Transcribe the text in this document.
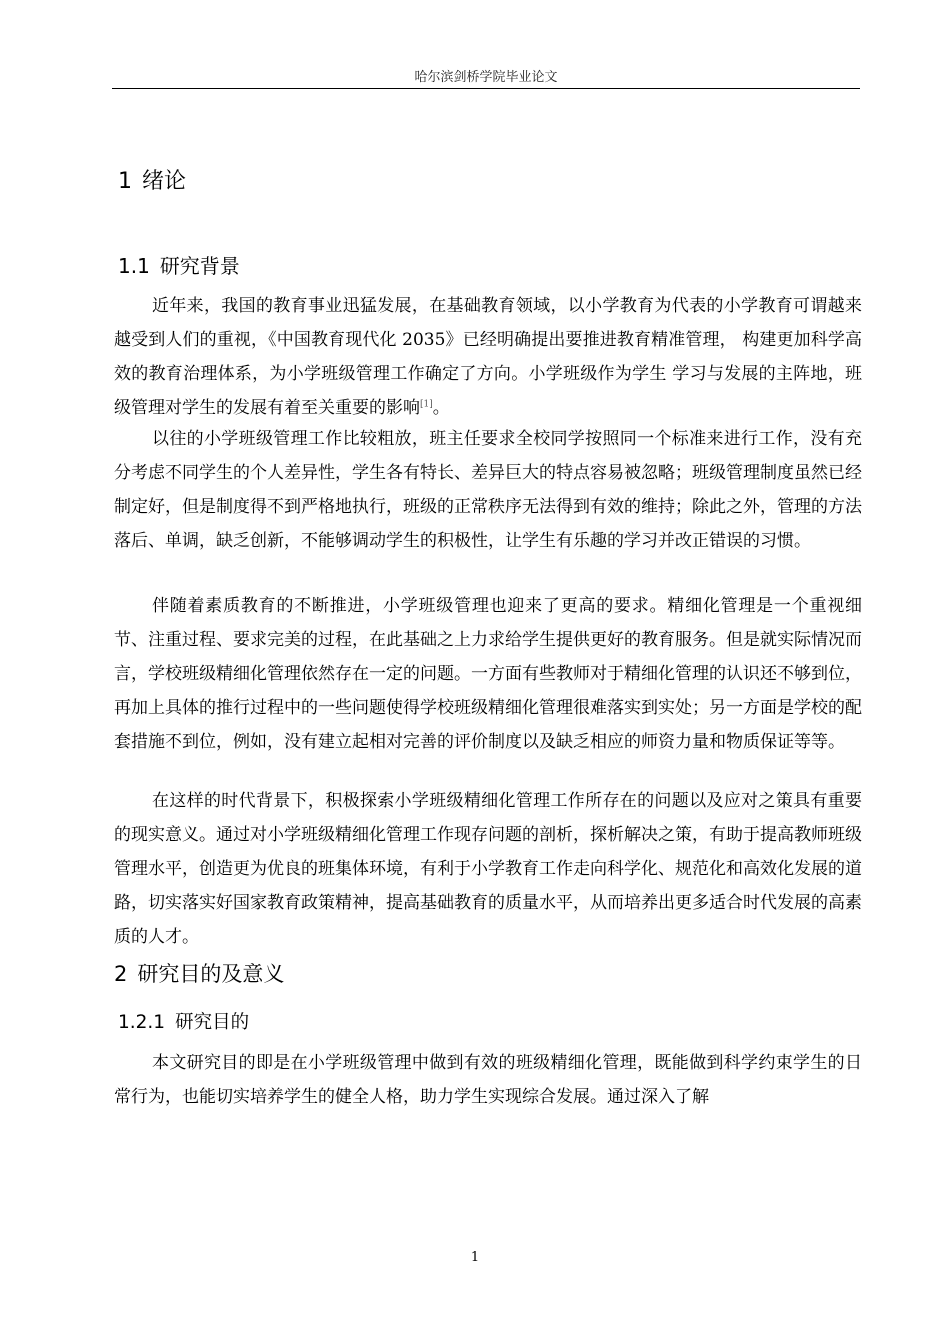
哈尔滨剑桥学院毕业论文
1 绪论
1.1 研究背景

近年来，我国的教育事业迅猛发展，在基础教育领域，以小学教育为代表的小学教育可谓越来越受到人们的重视，《中国教育现代化 2035》已经明确提出要推进教育精准管理， 构建更加科学高效的教育治理体系，为小学班级管理工作确定了方向。小学班级作为学生 学习与发展的主阵地，班级管理对学生的发展有着至关重要的影响[1]。

以往的小学班级管理工作比较粗放，班主任要求全校同学按照同一个标准来进行工作，没有充分考虑不同学生的个人差异性，学生各有特长、差异巨大的特点容易被忽略；班级管理制度虽然已经制定好，但是制度得不到严格地执行，班级的正常秩序无法得到有效的维持；除此之外，管理的方法落后、单调，缺乏创新，不能够调动学生的积极性，让学生有乐趣的学习并改正错误的习惯。

伴随着素质教育的不断推进，小学班级管理也迎来了更高的要求。精细化管理是一个重视细节、注重过程、要求完美的过程，在此基础之上力求给学生提供更好的教育服务。但是就实际情况而言，学校班级精细化管理依然存在一定的问题。一方面有些教师对于精细化管理的认识还不够到位，再加上具体的推行过程中的一些问题使得学校班级精细化管理很难落实到实处；另一方面是学校的配套措施不到位，例如，没有建立起相对完善的评价制度以及缺乏相应的师资力量和物质保证等等。

在这样的时代背景下，积极探索小学班级精细化管理工作所存在的问题以及应对之策具有重要的现实意义。通过对小学班级精细化管理工作现存问题的剖析，探析解决之策，有助于提高教师班级管理水平，创造更为优良的班集体环境，有利于小学教育工作走向科学化、规范化和高效化发展的道路，切实落实好国家教育政策精神，提高基础教育的质量水平，从而培养出更多适合时代发展的高素质的人才。

2 研究目的及意义
1.2.1 研究目的

本文研究目的即是在小学班级管理中做到有效的班级精细化管理，既能做到科学约束学生的日常行为，也能切实培养学生的健全人格，助力学生实现综合发展。通过深入了解

1
